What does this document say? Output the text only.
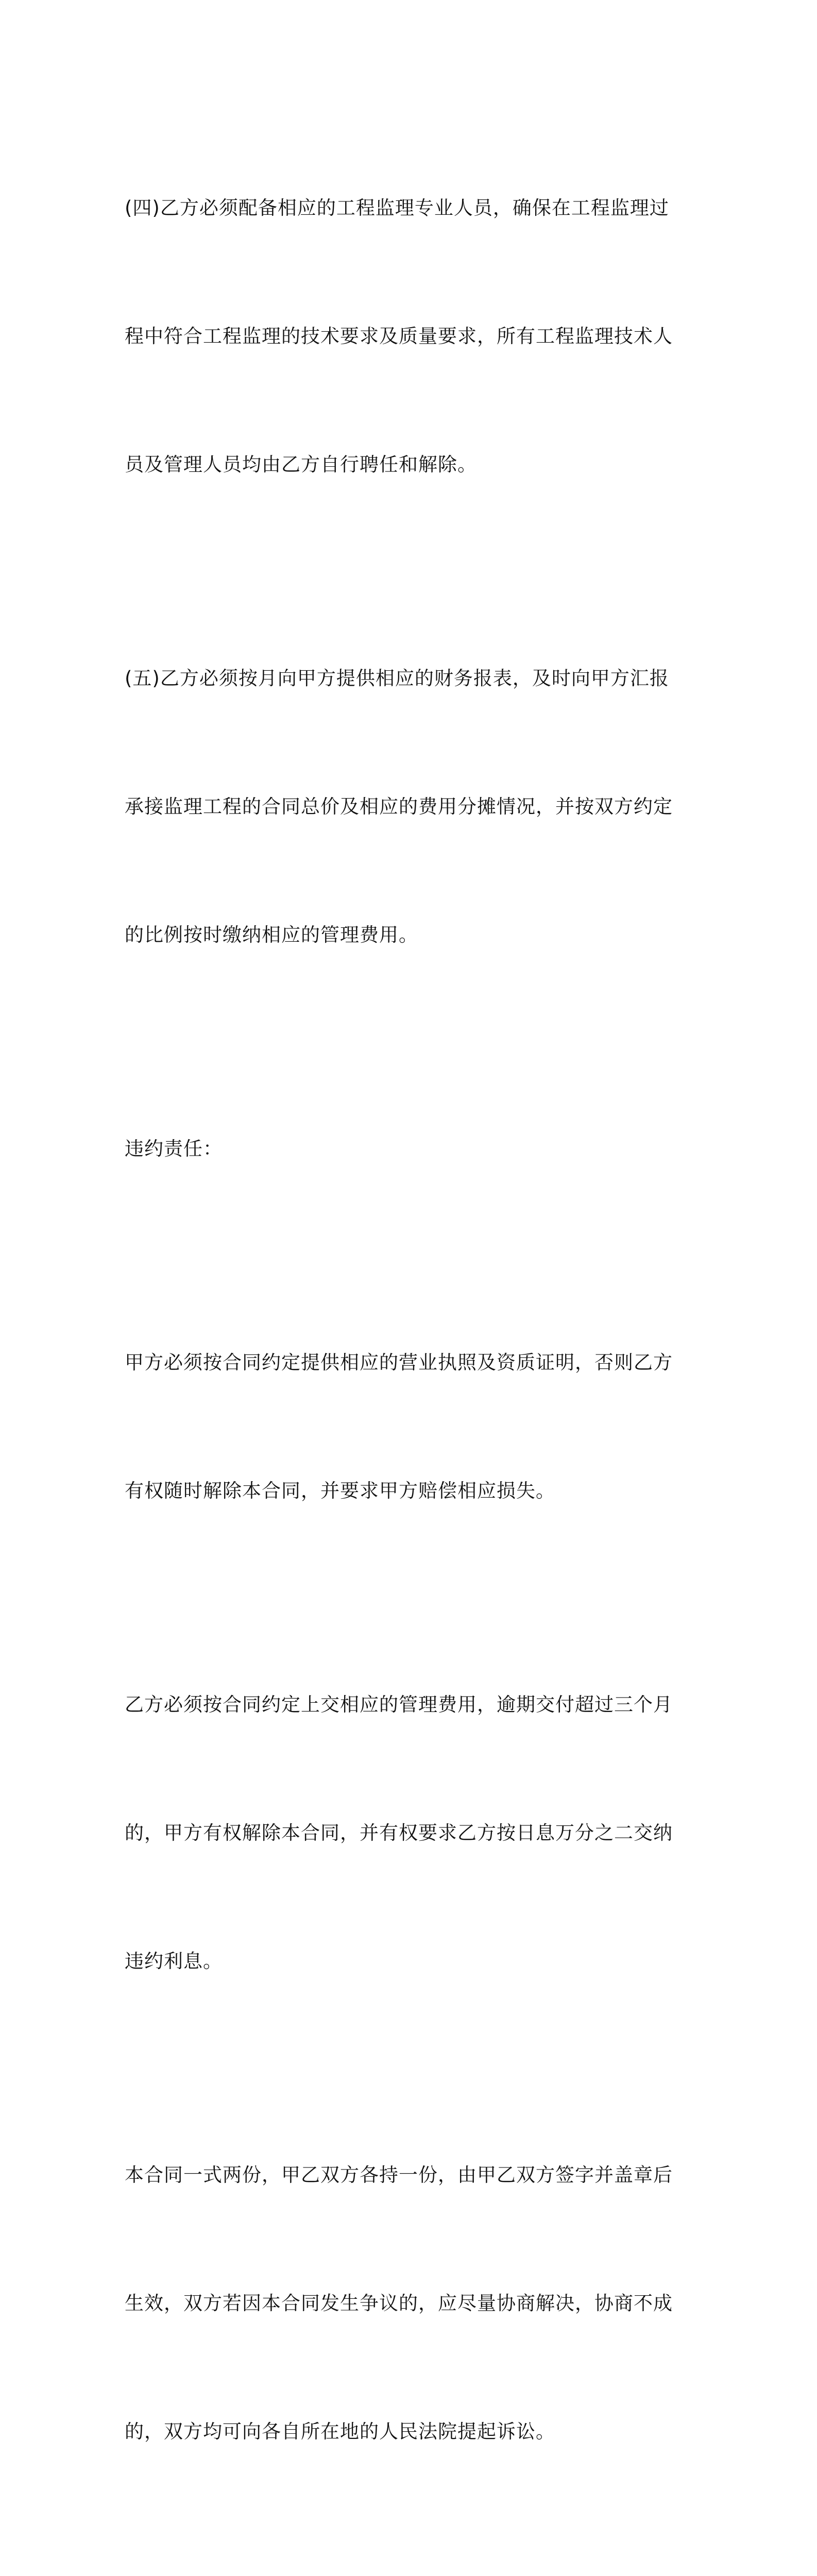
(四)乙方必须配备相应的工程监理专业人员，确保在工程监理过

程中符合工程监理的技术要求及质量要求，所有工程监理技术人

员及管理人员均由乙方自行聘任和解除。

(五)乙方必须按月向甲方提供相应的财务报表，及时向甲方汇报

承接监理工程的合同总价及相应的费用分摊情况，并按双方约定

的比例按时缴纳相应的管理费用。

违约责任：

甲方必须按合同约定提供相应的营业执照及资质证明，否则乙方

有权随时解除本合同，并要求甲方赔偿相应损失。

乙方必须按合同约定上交相应的管理费用，逾期交付超过三个月

的，甲方有权解除本合同，并有权要求乙方按日息万分之二交纳

违约利息。

本合同一式两份，甲乙双方各持一份，由甲乙双方签字并盖章后

生效，双方若因本合同发生争议的，应尽量协商解决，协商不成

的，双方均可向各自所在地的人民法院提起诉讼。
